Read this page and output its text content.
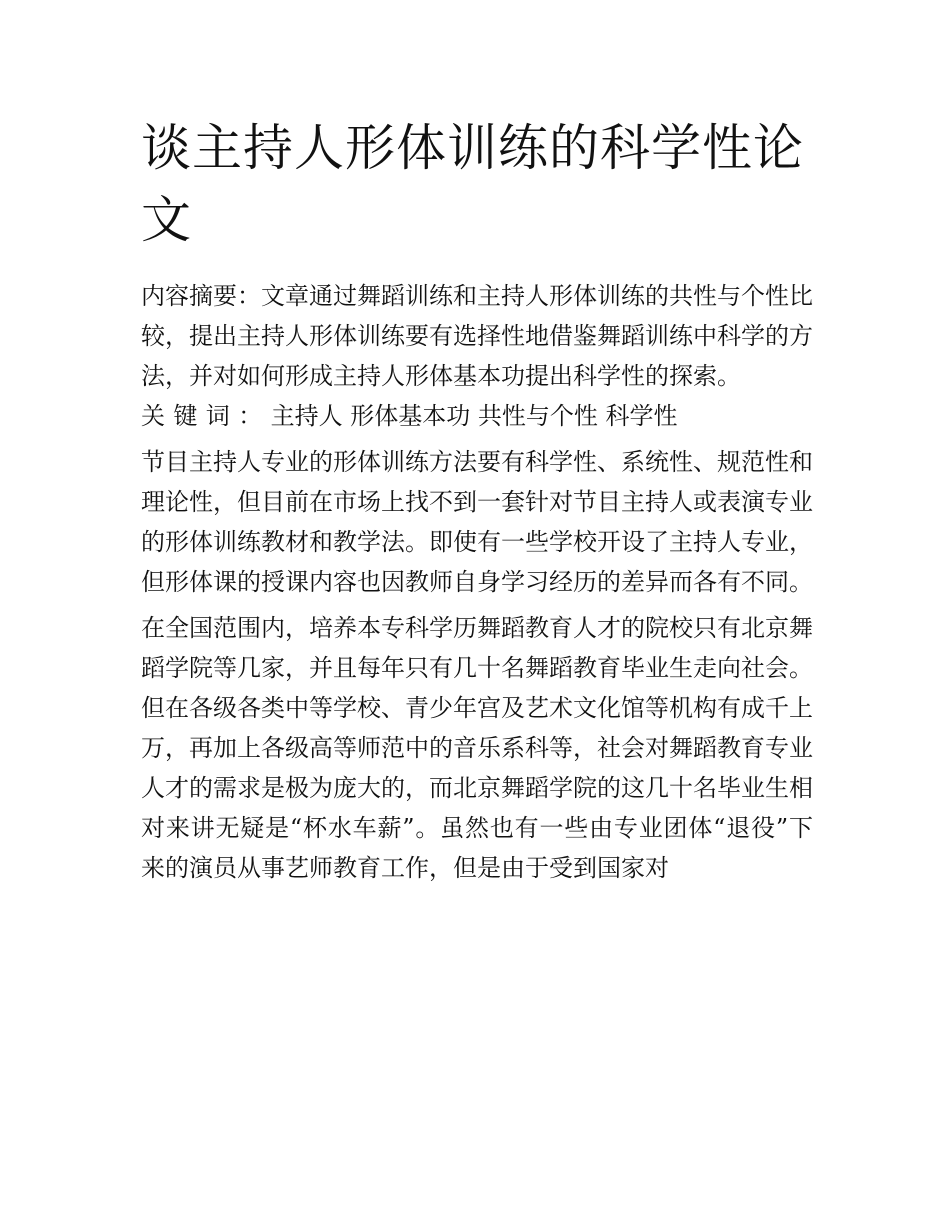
谈主持人形体训练的科学性论文

内容摘要：文章通过舞蹈训练和主持人形体训练的共性与个性比较，提出主持人形体训练要有选择性地借鉴舞蹈训练中科学的方法，并对如何形成主持人形体基本功提出科学性的探索。

关键词：主持人 形体基本功 共性与个性 科学性

节目主持人专业的形体训练方法要有科学性、系统性、规范性和理论性，但目前在市场上找不到一套针对节目主持人或表演专业的形体训练教材和教学法。即使有一些学校开设了主持人专业，但形体课的授课内容也因教师自身学习经历的差异而各有不同。

在全国范围内，培养本专科学历舞蹈教育人才的院校只有北京舞蹈学院等几家，并且每年只有几十名舞蹈教育毕业生走向社会。但在各级各类中等学校、青少年宫及艺术文化馆等机构有成千上万，再加上各级高等师范中的音乐系科等，社会对舞蹈教育专业人才的需求是极为庞大的，而北京舞蹈学院的这几十名毕业生相对来讲无疑是“杯水车薪”。虽然也有一些由专业团体“退役”下来的演员从事艺师教育工作，但是由于受到国家对
